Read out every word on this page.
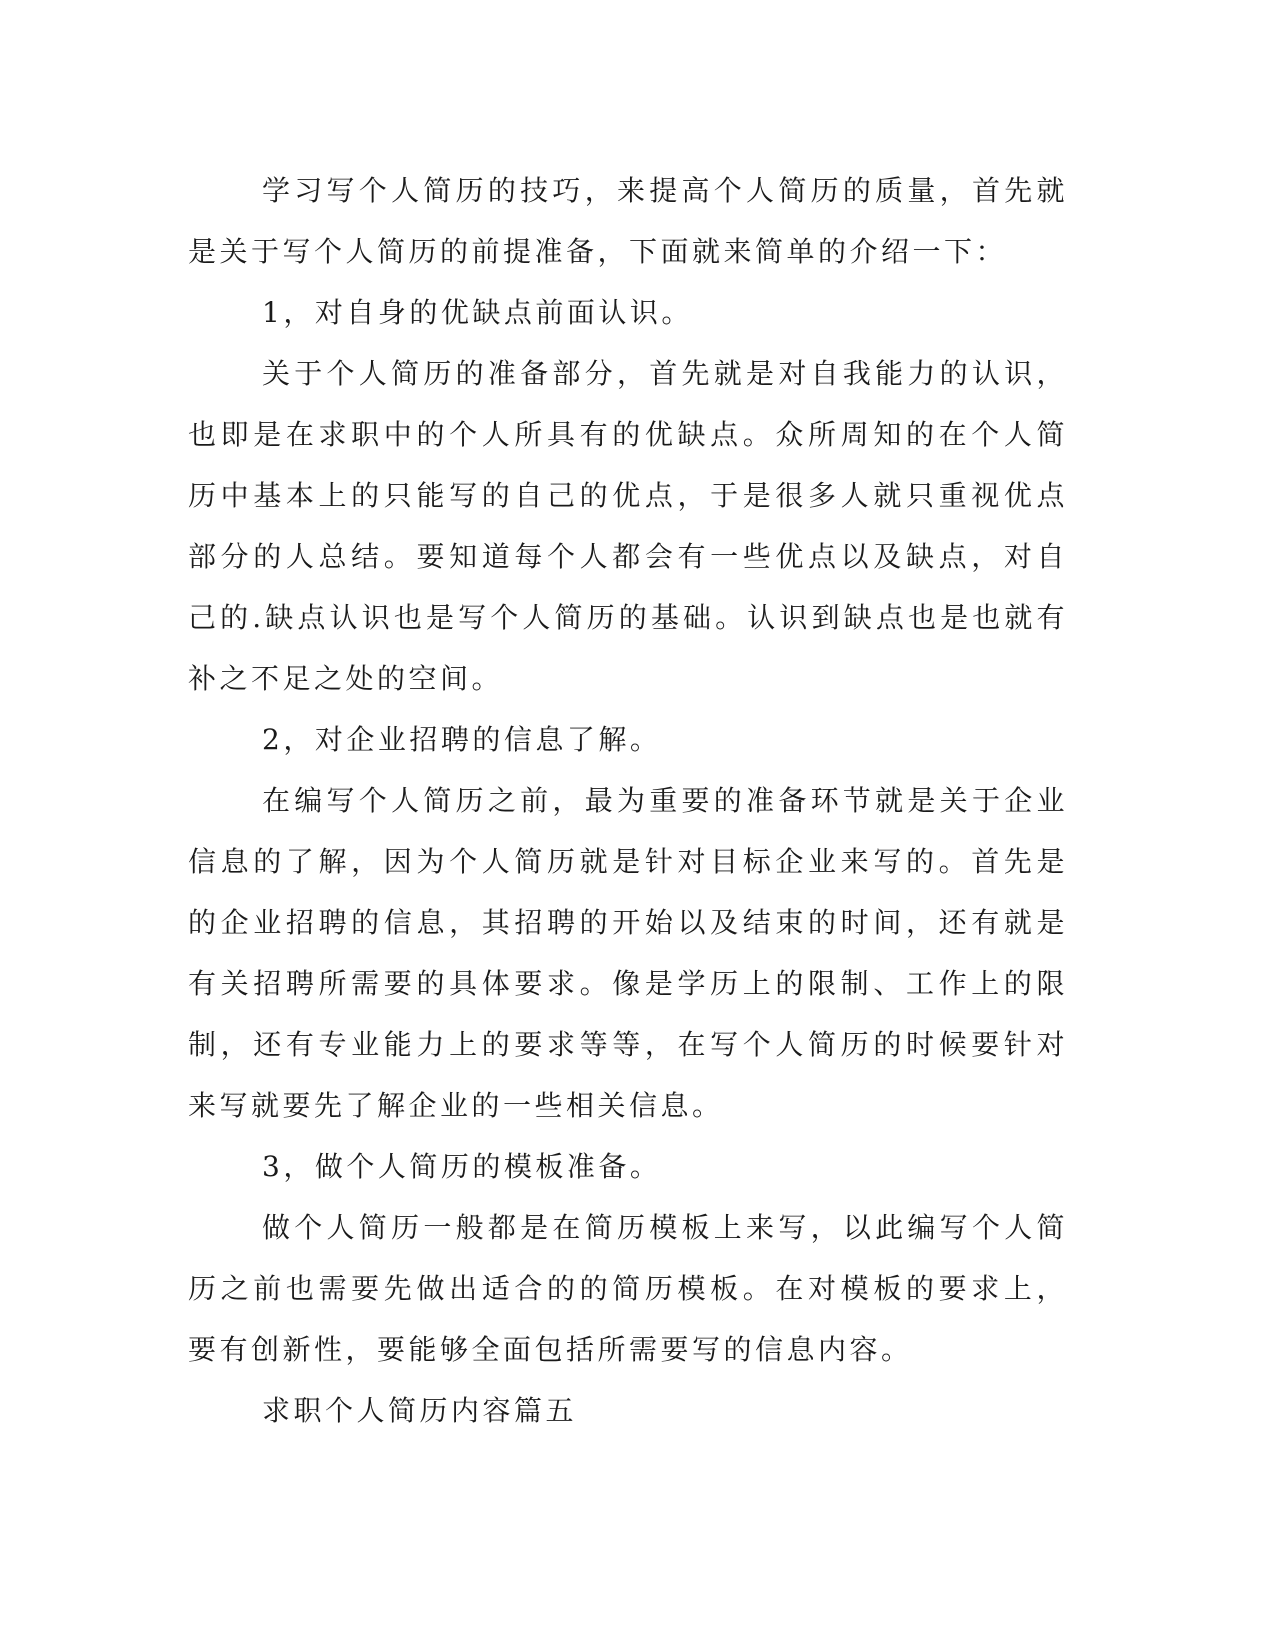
学习写个人简历的技巧，来提高个人简历的质量，首先就是关于写个人简历的前提准备，下面就来简单的介绍一下：

1，对自身的优缺点前面认识。

关于个人简历的准备部分，首先就是对自我能力的认识，也即是在求职中的个人所具有的优缺点。众所周知的在个人简历中基本上的只能写的自己的优点，于是很多人就只重视优点部分的人总结。要知道每个人都会有一些优点以及缺点，对自己的.缺点认识也是写个人简历的基础。认识到缺点也是也就有补之不足之处的空间。

2，对企业招聘的信息了解。

在编写个人简历之前，最为重要的准备环节就是关于企业信息的了解，因为个人简历就是针对目标企业来写的。首先是的企业招聘的信息，其招聘的开始以及结束的时间，还有就是有关招聘所需要的具体要求。像是学历上的限制、工作上的限制，还有专业能力上的要求等等，在写个人简历的时候要针对来写就要先了解企业的一些相关信息。

3，做个人简历的模板准备。

做个人简历一般都是在简历模板上来写，以此编写个人简历之前也需要先做出适合的的简历模板。在对模板的要求上，要有创新性，要能够全面包括所需要写的信息内容。

求职个人简历内容篇五
